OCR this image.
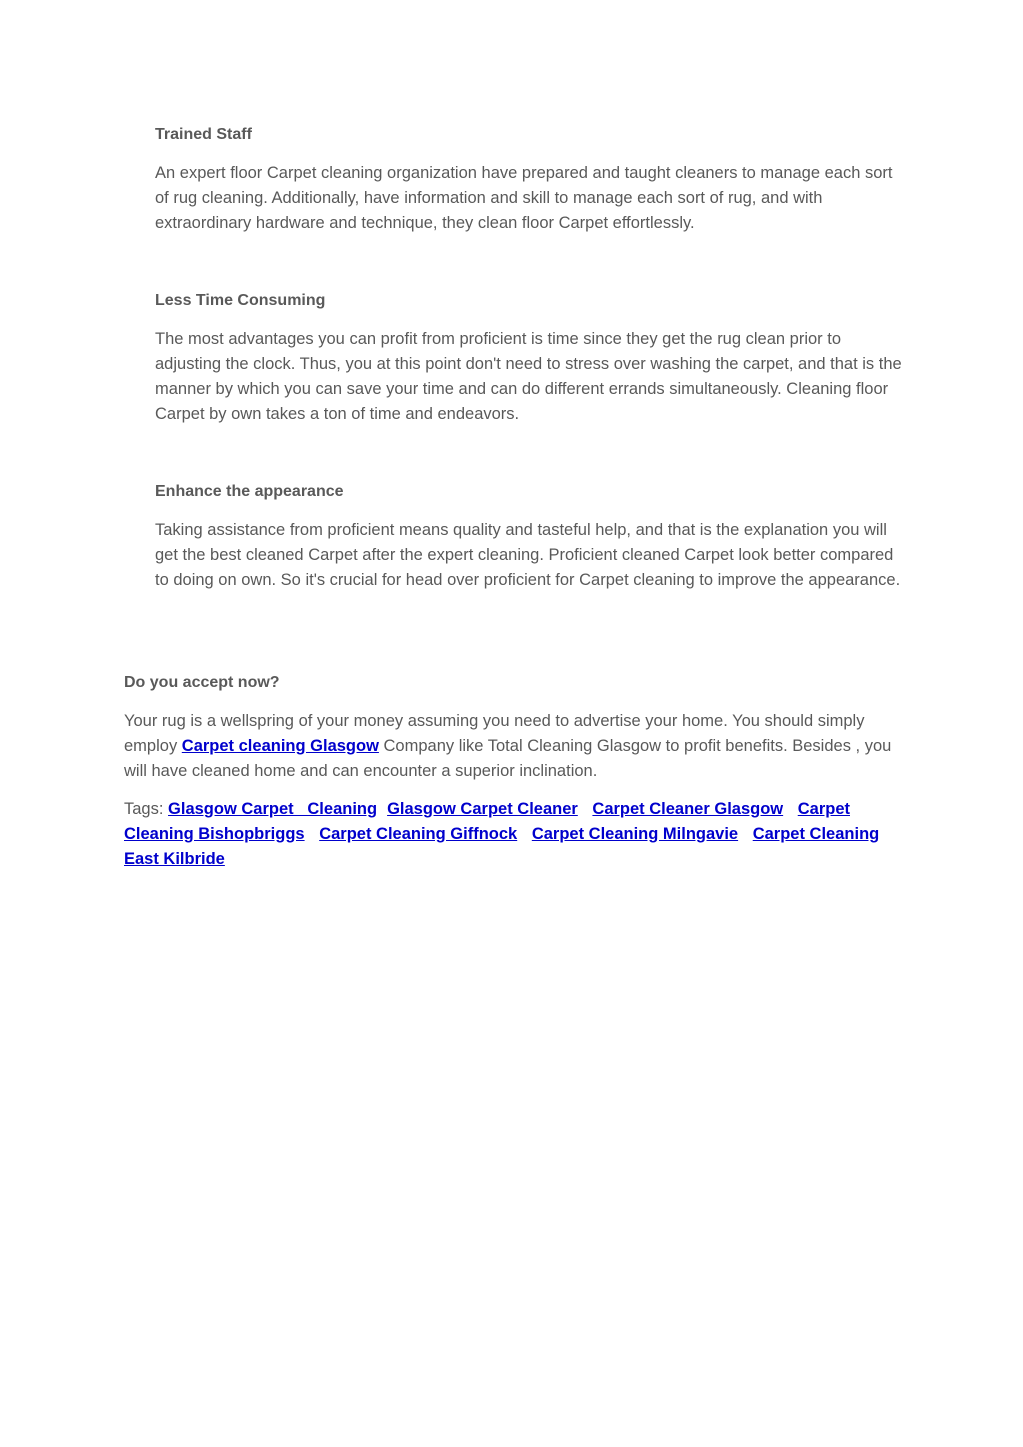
Trained Staff

An expert floor Carpet cleaning organization have prepared and taught cleaners to manage each sort of rug cleaning. Additionally, have information and skill to manage each sort of rug, and with extraordinary hardware and technique, they clean floor Carpet effortlessly.

Less Time Consuming

The most advantages you can profit from proficient is time since they get the rug clean prior to adjusting the clock. Thus, you at this point don't need to stress over washing the carpet, and that is the manner by which you can save your time and can do different errands simultaneously. Cleaning floor Carpet by own takes a ton of time and endeavors.

Enhance the appearance

Taking assistance from proficient means quality and tasteful help, and that is the explanation you will get the best cleaned Carpet after the expert cleaning. Proficient cleaned Carpet look better compared to doing on own. So it's crucial for head over proficient for Carpet cleaning to improve the appearance.

Do you accept now?

Your rug is a wellspring of your money assuming you need to advertise your home. You should simply employ Carpet cleaning Glasgow Company like Total Cleaning Glasgow to profit benefits. Besides , you will have cleaned home and can encounter a superior inclination.

Tags: Glasgow Carpet   Cleaning Glasgow Carpet Cleaner Carpet Cleaner Glasgow Carpet Cleaning Bishopbriggs Carpet Cleaning Giffnock Carpet Cleaning Milngavie Carpet Cleaning East Kilbride
